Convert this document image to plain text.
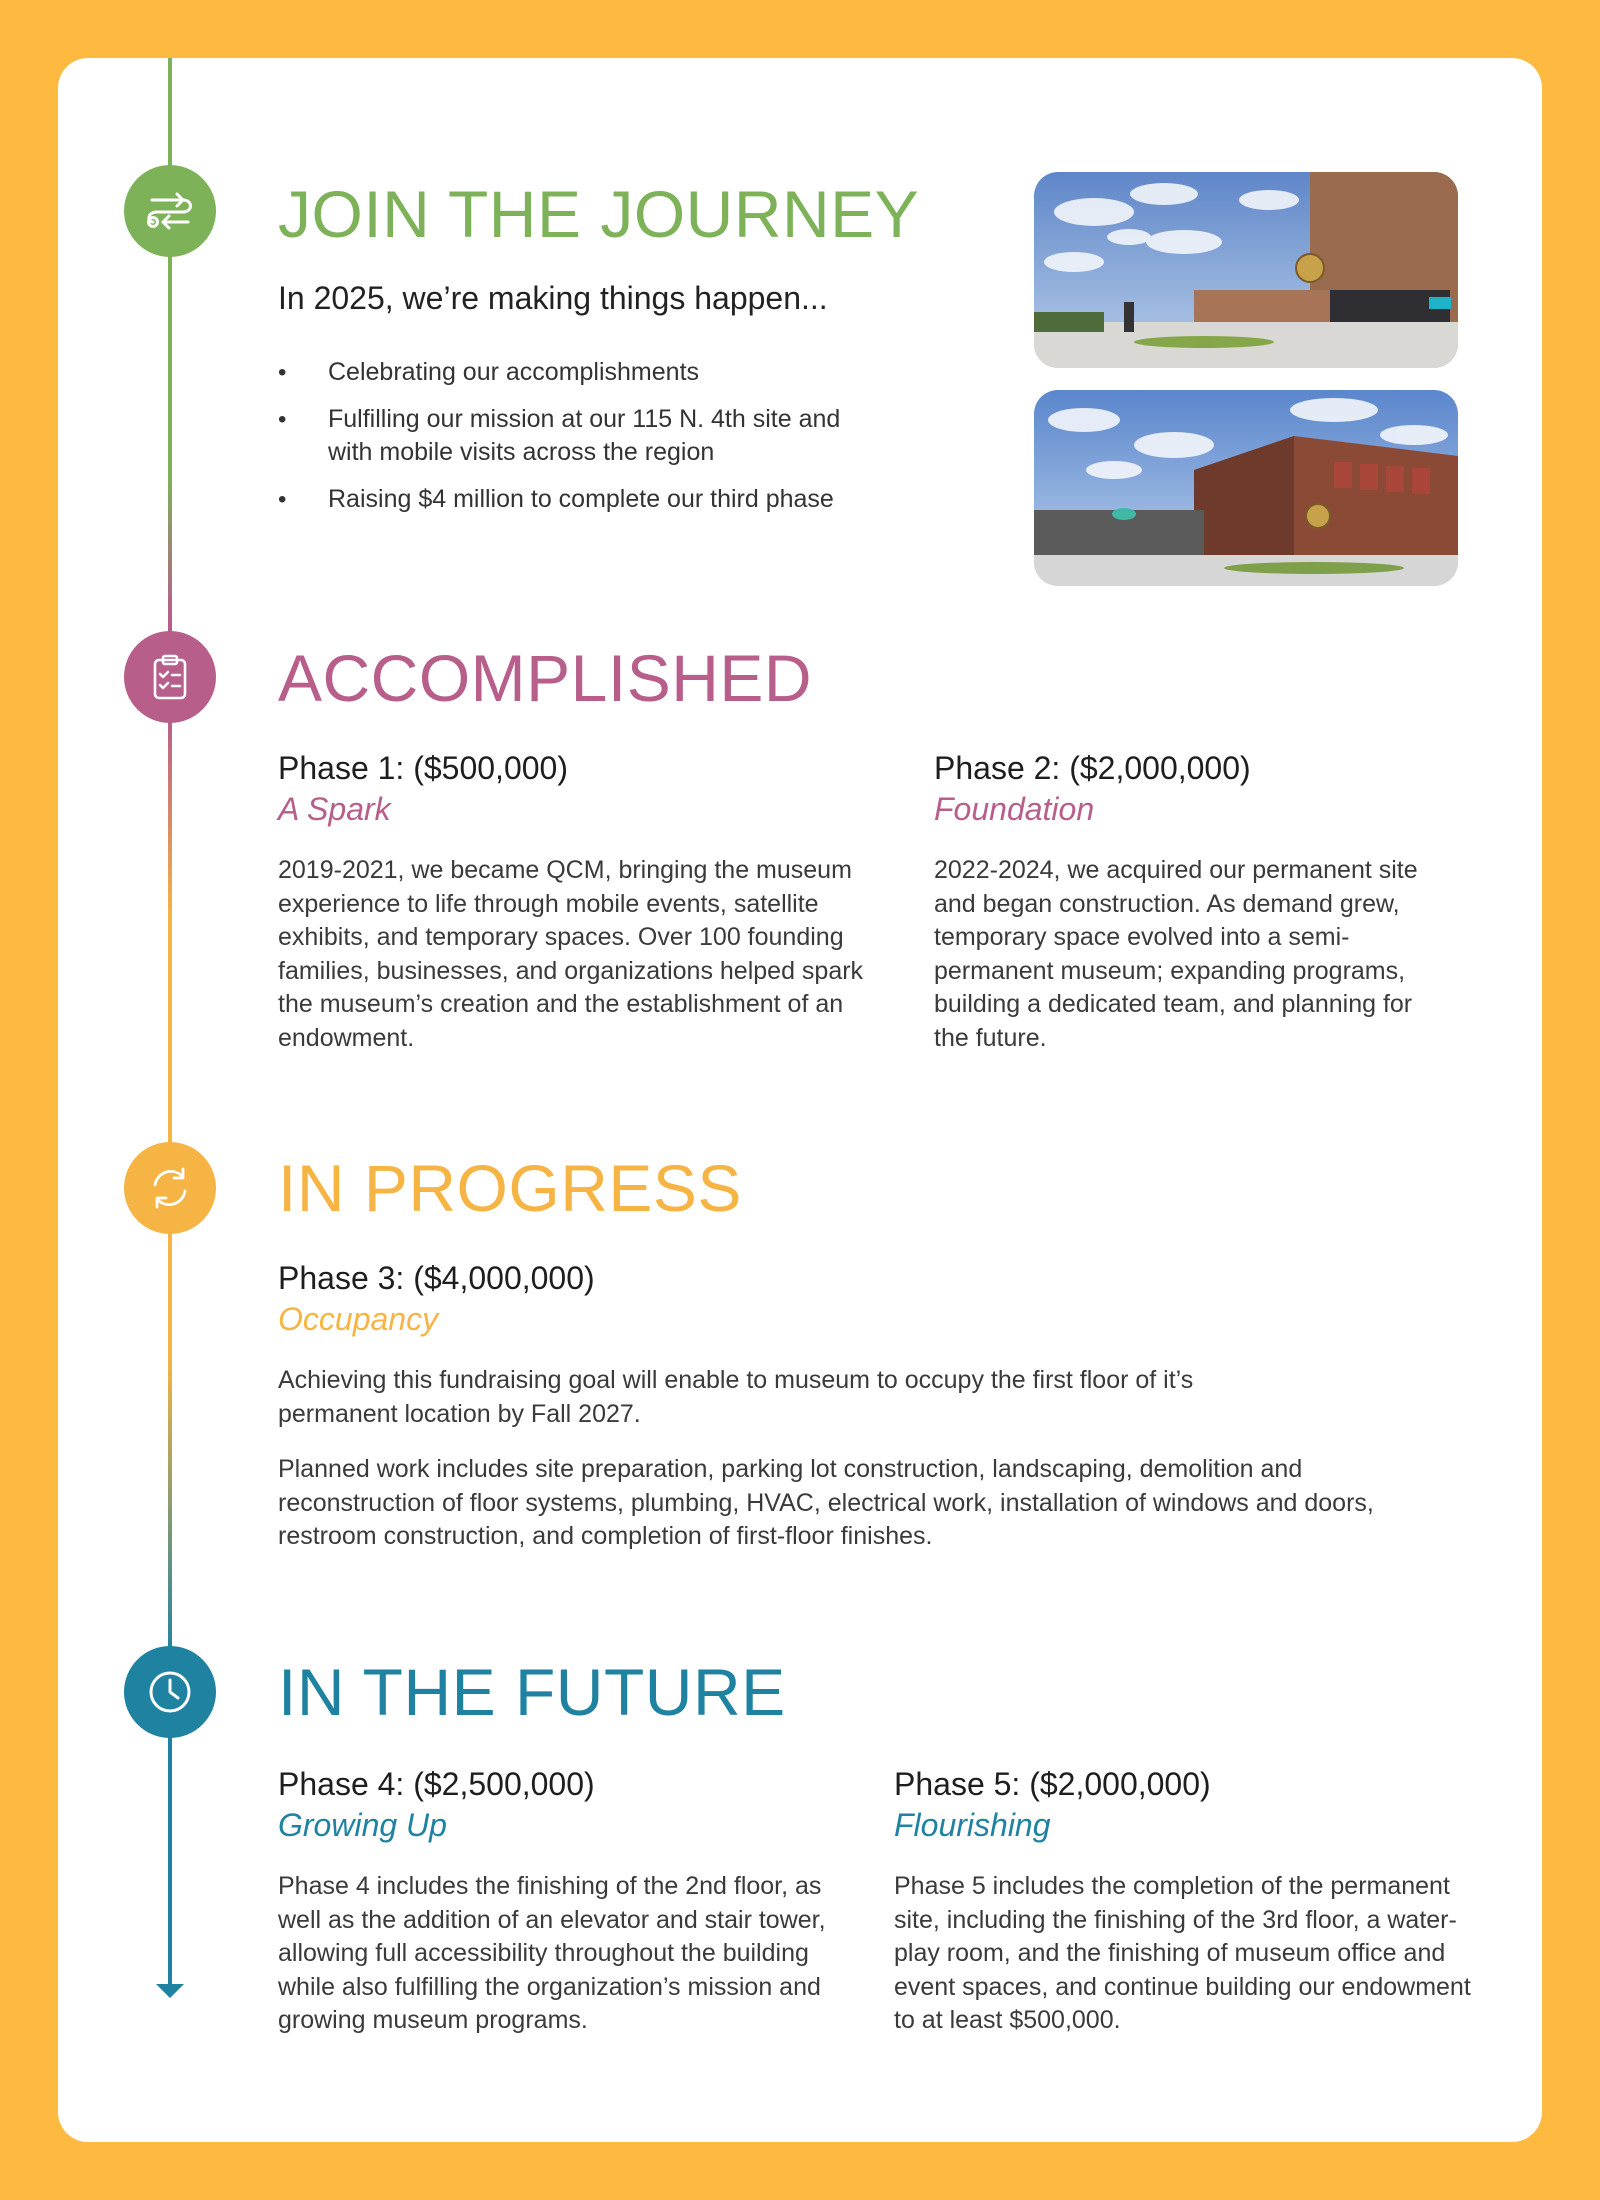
JOIN THE JOURNEY

In 2025, we’re making things happen...

• Celebrating our accomplishments
• Fulfilling our mission at our 115 N. 4th site and with mobile visits across the region
• Raising $4 million to complete our third phase
ACCOMPLISHED
Phase 1: ($500,000)
A Spark

2019-2021, we became QCM, bringing the museum experience to life through mobile events, satellite exhibits, and temporary spaces. Over 100 founding families, businesses, and organizations helped spark the museum’s creation and the establishment of an endowment.

Phase 2: ($2,000,000)
Foundation

2022-2024, we acquired our permanent site and began construction. As demand grew, temporary space evolved into a semi-permanent museum; expanding programs, building a dedicated team, and planning for the future.

IN PROGRESS
Phase 3: ($4,000,000)
Occupancy

Achieving this fundraising goal will enable to museum to occupy the first floor of it’s permanent location by Fall 2027.

Planned work includes site preparation, parking lot construction, landscaping, demolition and reconstruction of floor systems, plumbing, HVAC, electrical work, installation of windows and doors, restroom construction, and completion of first-floor finishes.

IN THE FUTURE
Phase 4: ($2,500,000)
Growing Up

Phase 4 includes the finishing of the 2nd floor, as well as the addition of an elevator and stair tower, allowing full accessibility throughout the building while also fulfilling the organization’s mission and growing museum programs.

Phase 5: ($2,000,000)
Flourishing

Phase 5 includes the completion of the permanent site, including the finishing of the 3rd floor, a water-play room, and the finishing of museum office and event spaces, and continue building our endowment to at least $500,000.
